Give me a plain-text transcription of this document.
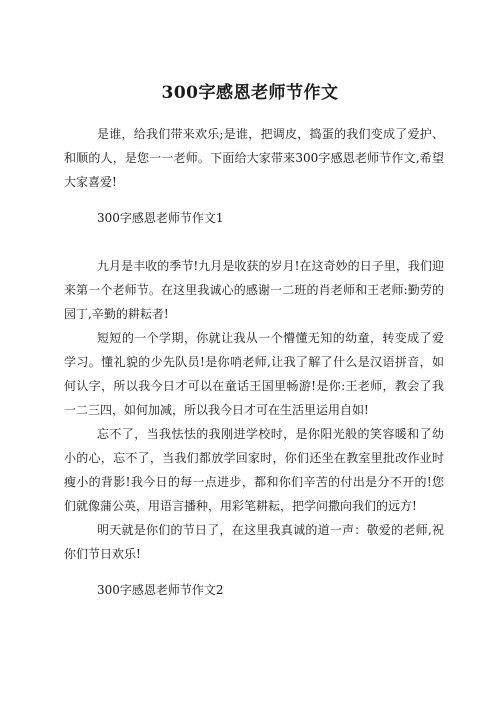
300字感恩老师节作文

是谁，给我们带来欢乐;是谁，把调皮，捣蛋的我们变成了爱护、和顺的人，是您一一老师。下面给大家带来300字感恩老师节作文,希望大家喜爱!

300字感恩老师节作文1

九月是丰收的季节!九月是收获的岁月!在这奇妙的日子里，我们迎来第一个老师节。在这里我诚心的感谢一二班的肖老师和王老师:勤劳的园丁,辛勤的耕耘者!

短短的一个学期，你就让我从一个懵懂无知的幼童，转变成了爱学习。懂礼貌的少先队员!是你哨老师,让我了解了什么是汉语拼音，如何认字，所以我今日才可以在童话王国里畅游!是你:王老师，教会了我一二三四，如何加减，所以我今日才可在生活里运用自如!

忘不了，当我怯怯的我刚进学校时，是你阳光般的笑容暖和了幼小的心，忘不了，当我们都放学回家时，你们还坐在教室里批改作业时瘦小的背影!我今日的每一点进步，都和你们辛苦的付出是分不开的!您们就像蒲公英，用语言播种，用彩笔耕耘，把学问撒向我们的远方!

明天就是你们的节日了，在这里我真诚的道一声：敬爱的老师,祝你们节日欢乐!

300字感恩老师节作文2
